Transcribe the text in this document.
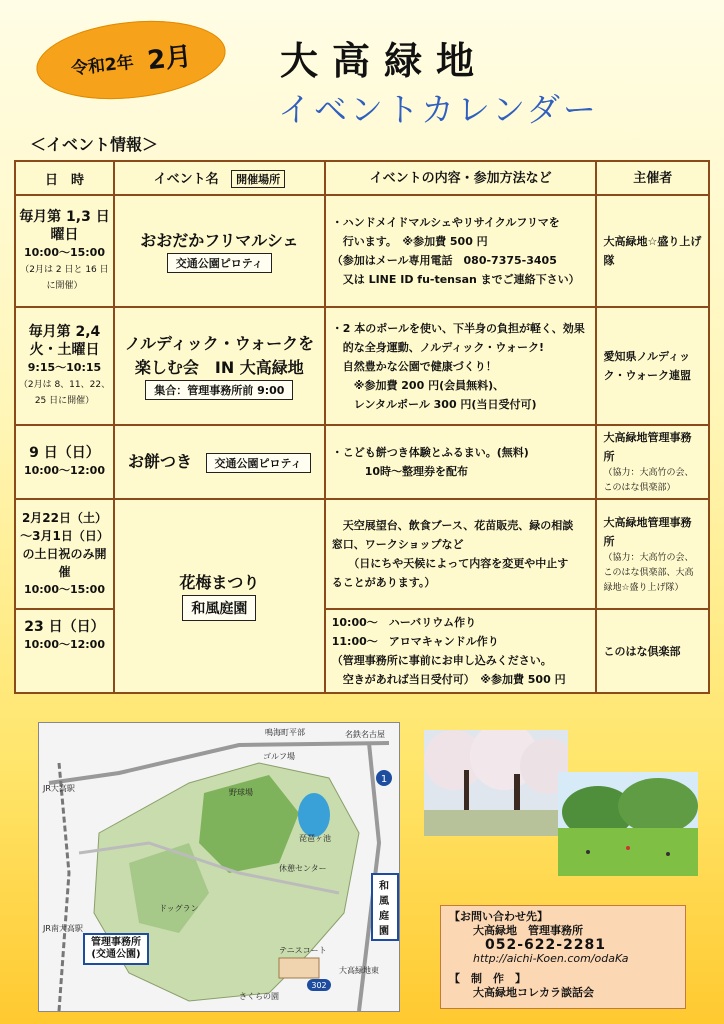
令和2年 2月 大高緑地
イベントカレンダー
＜イベント情報＞
日　時	イベント名 開催場所	イベントの内容・参加方法など	主催者

毎月第 1,3 日曜日
10:00～15:00
（2月は 2 日と 16 日に開催）	おおだかフリマルシェ
交通公園ピロティ	・ハンドメイドマルシェやリサイクルフリマを
　行います。　※参加費 500 円
（参加はメール専用電話　080-7375-3405
　又は LINE ID fu-tensan までご連絡下さい）	大高緑地☆盛り上げ隊

毎月第 2,4 火・土曜日
9:15～10:15
（2月は 8、11、22、25 日に開催）	ノルディック・ウォークを
楽しむ会　IN 大高緑地
集合：管理事務所前 9:00	・2 本のポールを使い、下半身の負担が軽く、効果
　的な全身運動、ノルディック・ウォーク!
　自然豊かな公園で健康づくり！
　　※参加費 200 円(会員無料)、
　　レンタルポール 300 円(当日受付可)	愛知県ノルディック・ウォーク連盟

9 日（日）
10:00～12:00	お餅つき 交通公園ピロティ	・こども餅つき体験とふるまい。(無料)
　　　10時～整理券を配布	大高緑地管理事務所
（協力：大高竹の会、このはな倶楽部）

2月22日（土）～3月1日（日）の土日祝のみ開催
10:00～15:00	花梅まつり
和風庭園	　天空展望台、飲食ブース、花苗販売、緑の相談
窓口、ワークショップなど
　　（日にちや天候によって内容を変更や中止す
ることがあります。）	大高緑地管理事務所
（協力：大高竹の会、このはな倶楽部、大高緑地☆盛り上げ隊）

23 日（日）
10:00～12:00		10:00～　ハーバリウム作り
11:00～　アロマキャンドル作り
（管理事務所に事前にお申し込みください。
　空きがあれば当日受付可）　※参加費 500 円	このはな倶楽部
1
302
鳴海町平部	名鉄名古屋
JR大高駅
JR南大高駅
野球場
琵琶ヶ池
休憩センター
ドッグラン
テニスコート
さくらの園
大高緑地東
ゴルフ場
和風庭園
管理事務所
(交通公園)
【お問い合わせ先】
大高緑地　管理事務所
052-622-2281
http://aichi-Koen.com/odaKa
【　制　作　】
大高緑地コレカラ談話会
